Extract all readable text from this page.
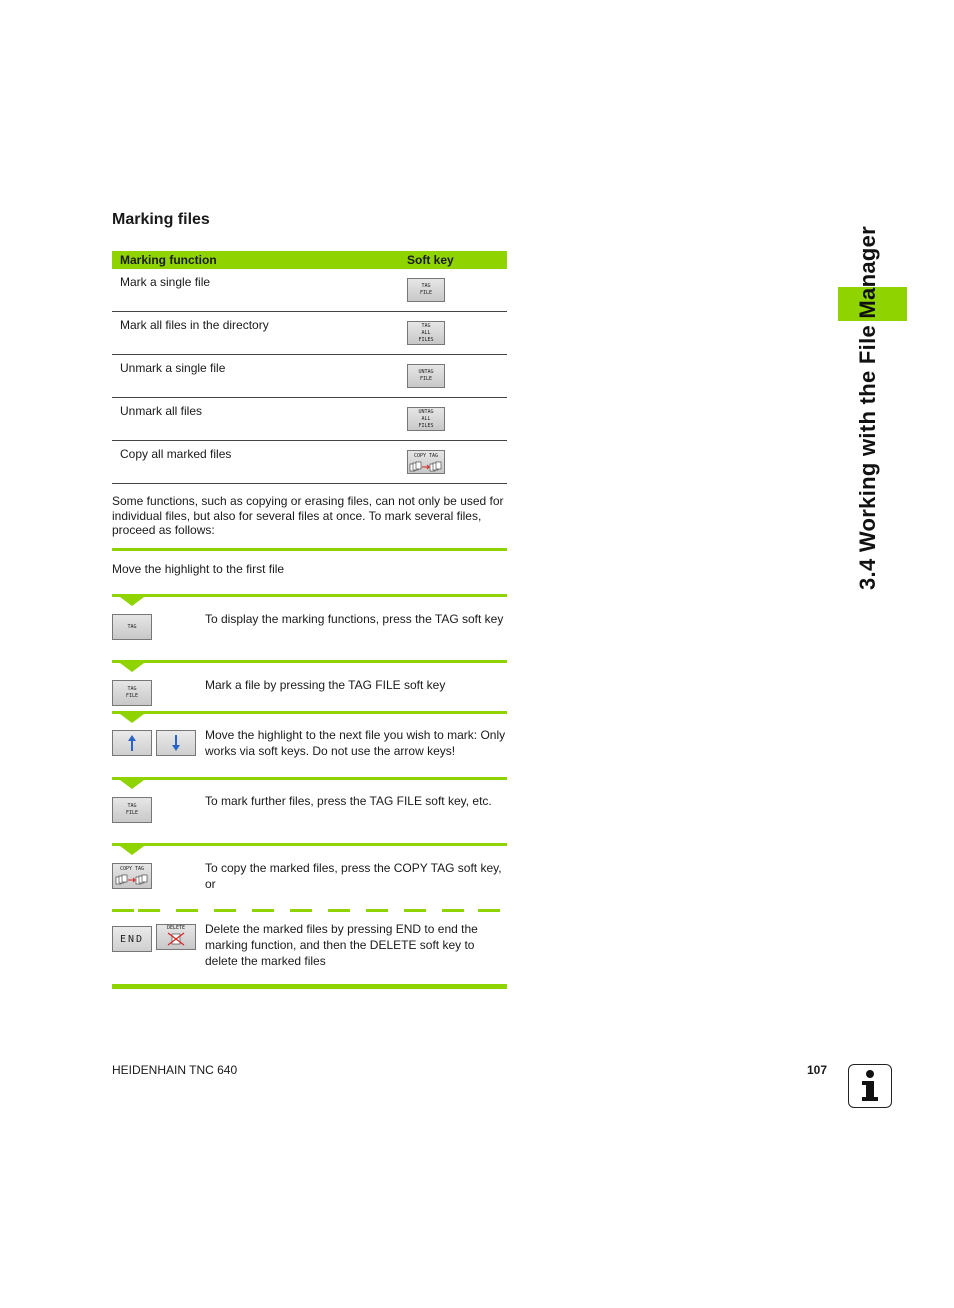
3.4 Working with the File Manager
Marking files
Marking function	Soft key
Mark a single file	TAG
FILE

Mark all files in the directory	TAG
ALL
FILES

Unmark a single file	UNTAG
FILE

Unmark all files	UNTAG
ALL
FILES

Copy all marked files	COPY TAG
Some functions, such as copying or erasing files, can not only be used for individual files, but also for several files at once. To mark several files, proceed as follows:
Move the highlight to the first file
TAG
To display the marking functions, press the TAG soft key
TAG
FILE
Mark a file by pressing the TAG FILE soft key
Move the highlight to the next file you wish to mark: Only works via soft keys. Do not use the arrow keys!
TAG
FILE
To mark further files, press the TAG FILE soft key, etc.
COPY TAG	To copy the marked files, press the COPY TAG soft key, or
END
DELETE Delete the marked files by pressing END to end the marking function, and then the DELETE soft key to delete the marked files
HEIDENHAIN TNC 640	107
